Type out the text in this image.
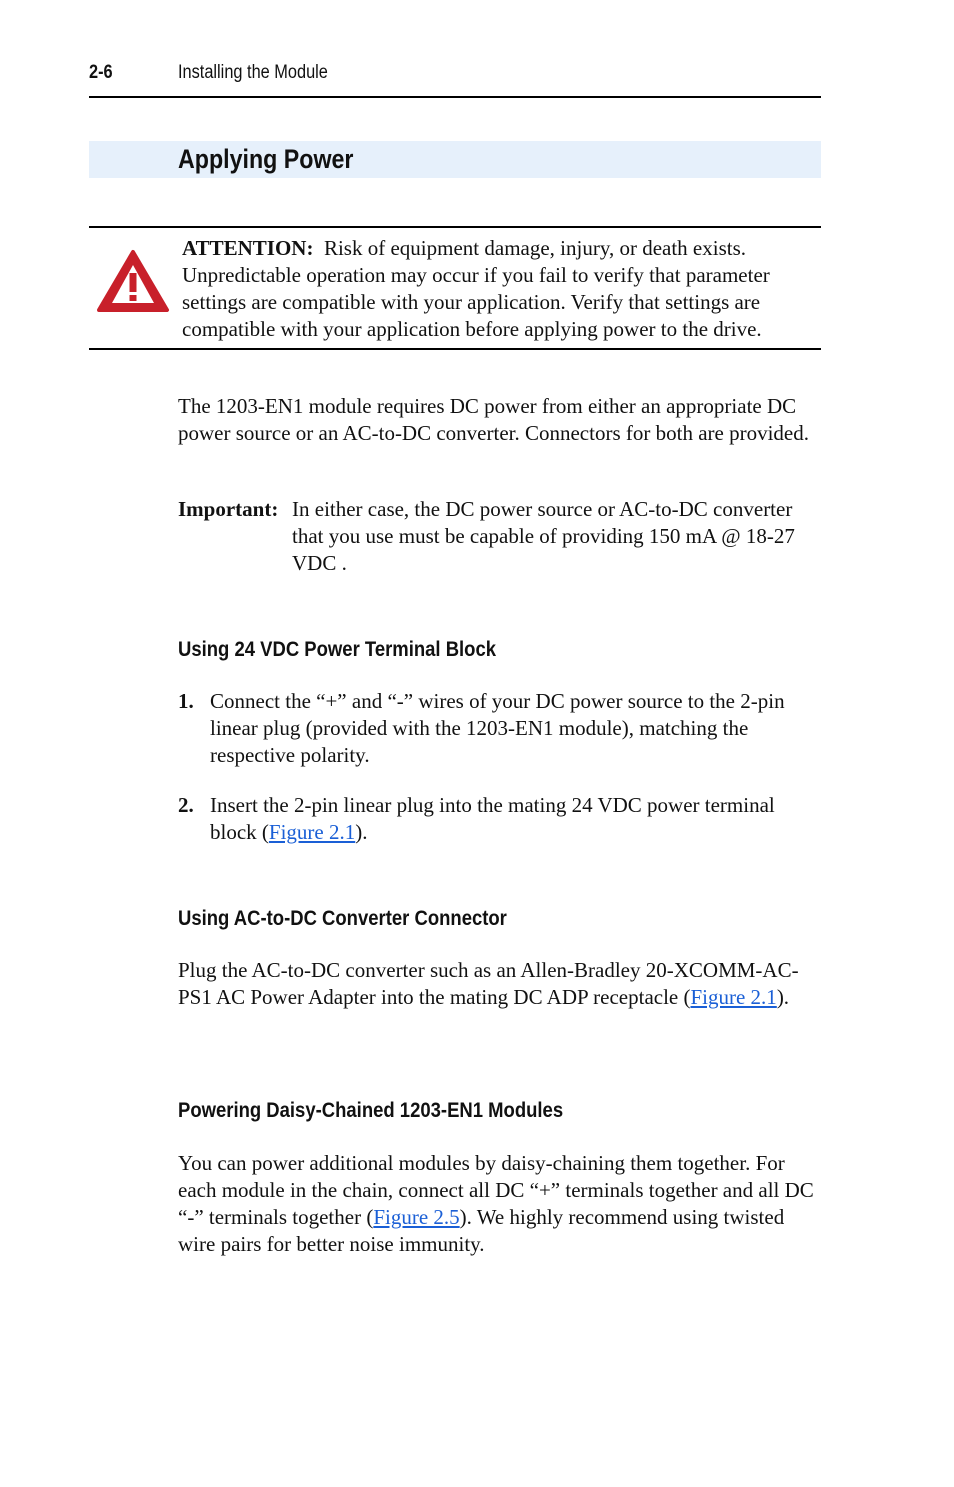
2-6	Installing the Module
Applying Power
ATTENTION: Risk of equipment damage, injury, or death exists. Unpredictable operation may occur if you fail to verify that parameter settings are compatible with your application. Verify that settings are compatible with your application before applying power to the drive.
The 1203-EN1 module requires DC power from either an appropriate DC power source or an AC-to-DC converter. Connectors for both are provided.
Important: In either case, the DC power source or AC-to-DC converter that you use must be capable of providing 150 mA @ 18-27 VDC .
Using 24 VDC Power Terminal Block
1. Connect the “+” and “-” wires of your DC power source to the 2-pin linear plug (provided with the 1203-EN1 module), matching the respective polarity.
2. Insert the 2-pin linear plug into the mating 24 VDC power terminal block (Figure 2.1).
Using AC-to-DC Converter Connector
Plug the AC-to-DC converter such as an Allen-Bradley 20-XCOMM-AC-PS1 AC Power Adapter into the mating DC ADP receptacle (Figure 2.1).
Powering Daisy-Chained 1203-EN1 Modules
You can power additional modules by daisy-chaining them together. For each module in the chain, connect all DC “+” terminals together and all DC “-” terminals together (Figure 2.5). We highly recommend using twisted wire pairs for better noise immunity.
